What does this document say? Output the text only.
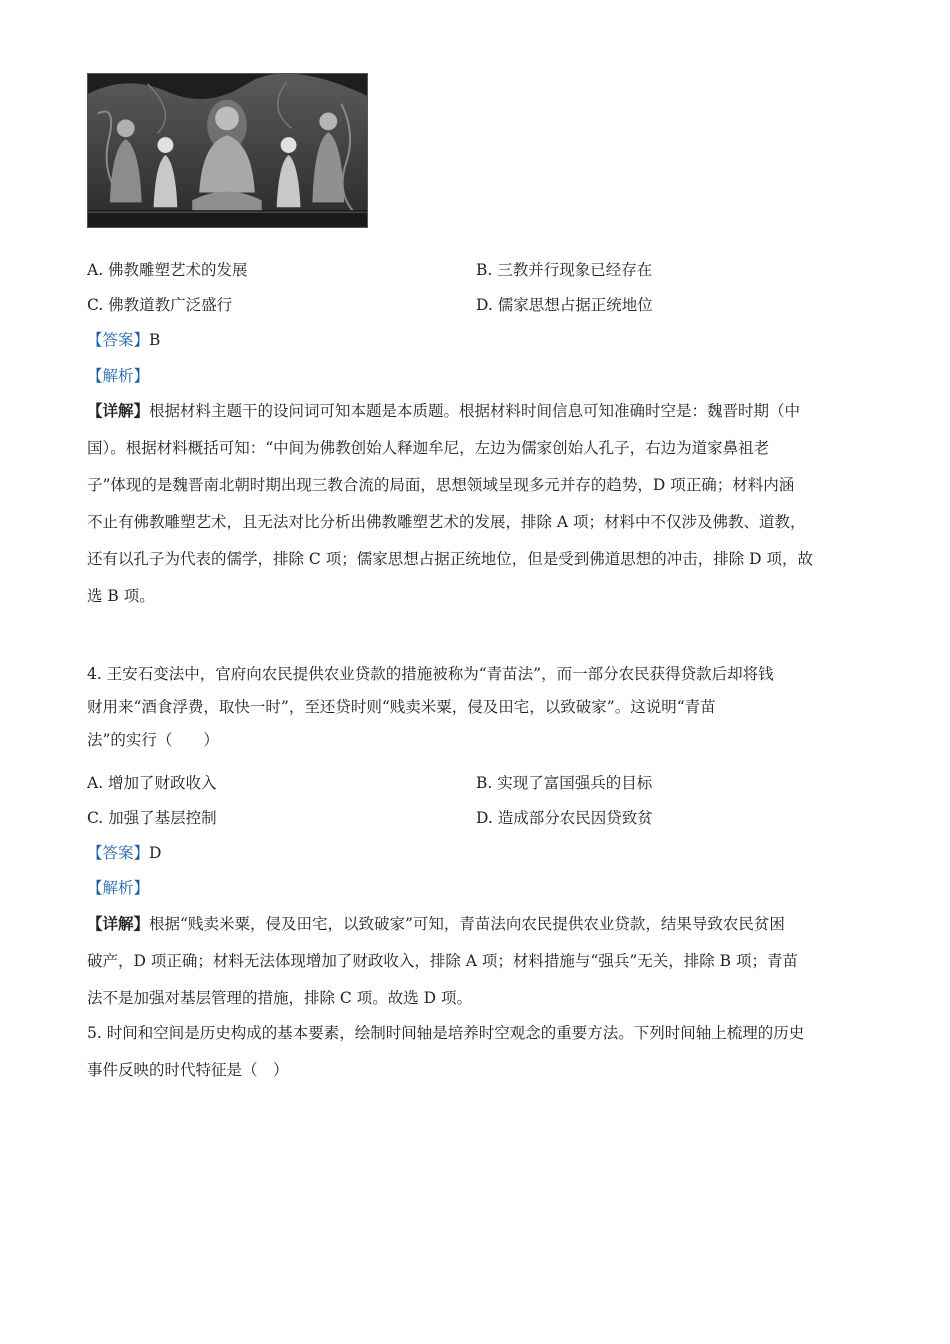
A. 佛教雕塑艺术的发展	B. 三教并行现象已经存在
C. 佛教道教广泛盛行	D. 儒家思想占据正统地位
【答案】B
【解析】
【详解】根据材料主题干的设问词可知本题是本质题。根据材料时间信息可知准确时空是：魏晋时期（中
国）。根据材料概括可知：“中间为佛教创始人释迦牟尼，左边为儒家创始人孔子，右边为道家鼻祖老
子”体现的是魏晋南北朝时期出现三教合流的局面，思想领域呈现多元并存的趋势，D 项正确；材料内涵
不止有佛教雕塑艺术，且无法对比分析出佛教雕塑艺术的发展，排除 A 项；材料中不仅涉及佛教、道教，
还有以孔子为代表的儒学，排除 C 项；儒家思想占据正统地位，但是受到佛道思想的冲击，排除 D 项，故
选 B 项。
4. 王安石变法中，官府向农民提供农业贷款的措施被称为“青苗法”，而一部分农民获得贷款后却将钱
财用来“酒食浮费，取快一时”，至还贷时则“贱卖米粟，侵及田宅，以致破家”。这说明“青苗
法”的实行（　　）
A. 增加了财政收入	B. 实现了富国强兵的目标
C. 加强了基层控制	D. 造成部分农民因贷致贫
【答案】D
【解析】
【详解】根据“贱卖米粟，侵及田宅，以致破家”可知，青苗法向农民提供农业贷款，结果导致农民贫困
破产，D 项正确；材料无法体现增加了财政收入，排除 A 项；材料措施与“强兵”无关，排除 B 项；青苗
法不是加强对基层管理的措施，排除 C 项。故选 D 项。
5. 时间和空间是历史构成的基本要素，绘制时间轴是培养时空观念的重要方法。下列时间轴上梳理的历史
事件反映的时代特征是（　）
